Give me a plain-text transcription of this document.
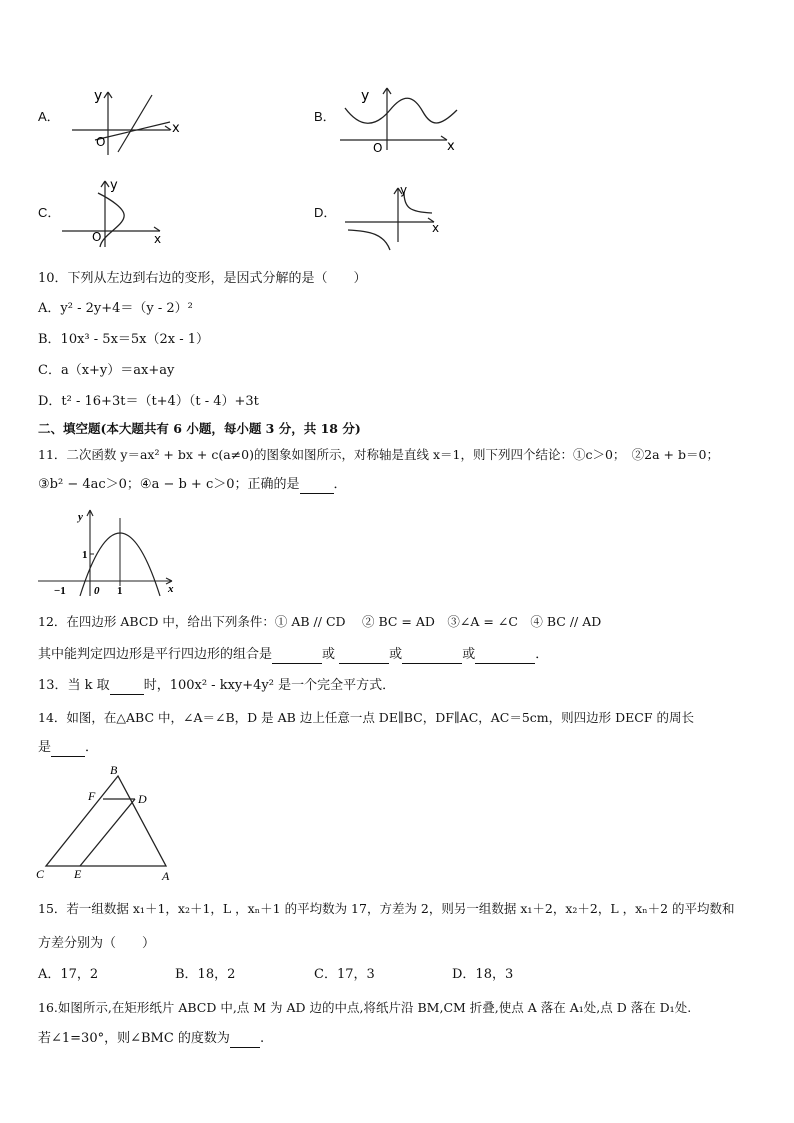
A．
y
x
O
B．
y
x
O
C．
y
x
O
D．
y
x
10．下列从左边到右边的变形，是因式分解的是（　　）
A．y² - 2y+4＝（y - 2）²
B．10x³ - 5x＝5x（2x - 1）
C．a（x+y）＝ax+ay
D．t² - 16+3t＝（t+4）（t - 4）+3t
二、填空题(本大题共有 6 小题，每小题 3 分，共 18 分)
11．二次函数 y＝ax² + bx + c(a≠0)的图象如图所示，对称轴是直线 x＝1，则下列四个结论：①c＞0；　②2a + b＝0；
③b² − 4ac＞0；④a − b + c＞0；正确的是	．
y
x
−1	0 1
1
12．在四边形 ABCD 中，给出下列条件：① AB // CD　 ② BC = AD　③∠A = ∠C　④ BC // AD
其中能判定四边形是平行四边形的组合是	或	或	或	．
13．当 k 取	时，100x² - kxy+4y² 是一个完全平方式．
14．如图，在△ABC 中，∠A＝∠B，D 是 AB 边上任意一点 DE∥BC，DF∥AC，AC＝5cm，则四边形 DECF 的周长
是	．
B
F	D
C E	A
15．若一组数据 x₁＋1，x₂＋1，L ，xₙ＋1 的平均数为 17，方差为 2，则另一组数据 x₁＋2，x₂＋2，L ，xₙ＋2 的平均数和
方差分别为（　　）
A．17，2	B．18，2	C．17，3	D．18，3
16.如图所示,在矩形纸片 ABCD 中,点 M 为 AD 边的中点,将纸片沿 BM,CM 折叠,使点 A 落在 A₁处,点 D 落在 D₁处.
若∠1=30°，则∠BMC 的度数为 .
